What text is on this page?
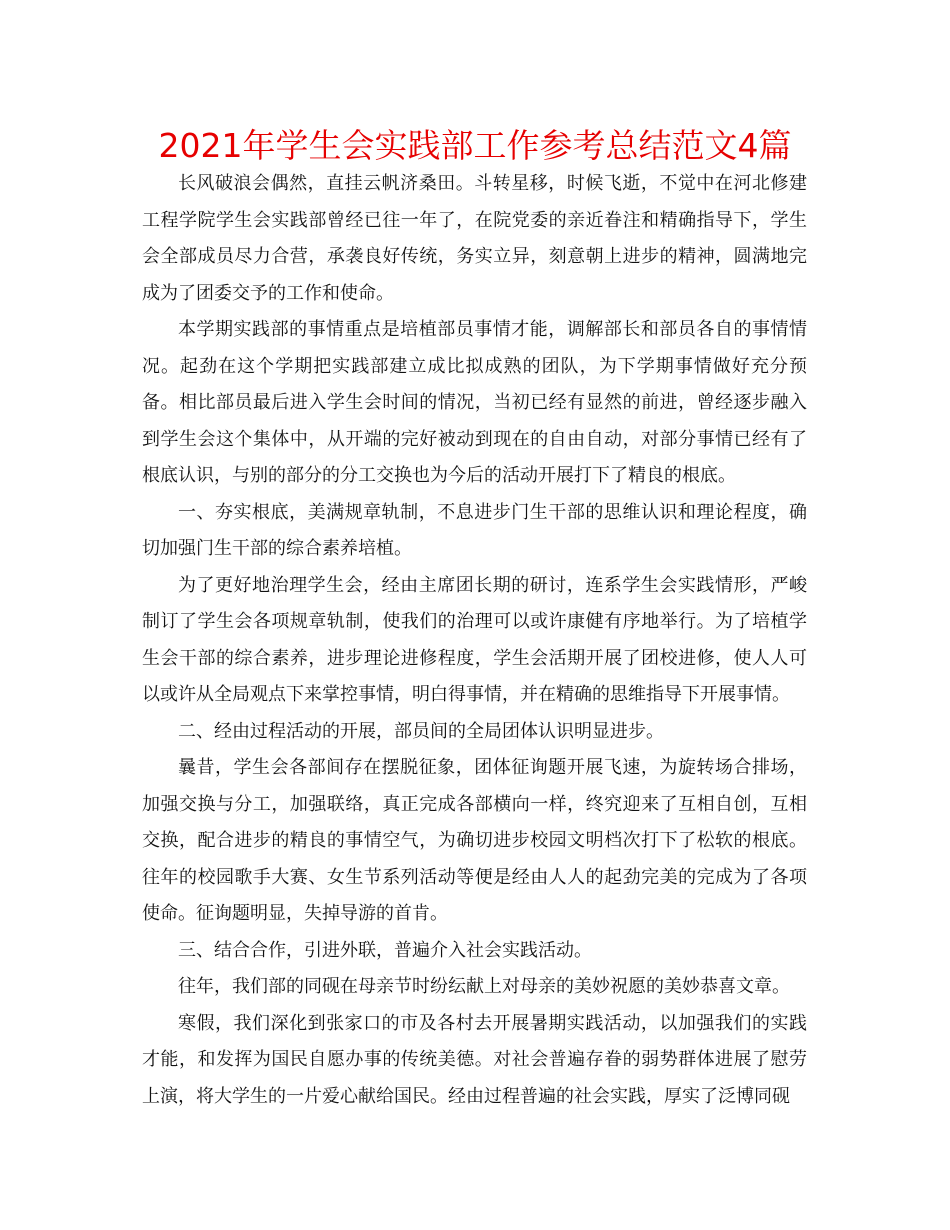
2021年学生会实践部工作参考总结范文4篇

长风破浪会偶然，直挂云帆济桑田。斗转星移，时候飞逝，不觉中在河北修建工程学院学生会实践部曾经已往一年了，在院党委的亲近眷注和精确指导下，学生会全部成员尽力合营，承袭良好传统，务实立异，刻意朝上进步的精神，圆满地完成为了团委交予的工作和使命。

本学期实践部的事情重点是培植部员事情才能，调解部长和部员各自的事情情况。起劲在这个学期把实践部建立成比拟成熟的团队，为下学期事情做好充分预备。相比部员最后进入学生会时间的情况，当初已经有显然的前进，曾经逐步融入到学生会这个集体中，从开端的完好被动到现在的自由自动，对部分事情已经有了根底认识，与别的部分的分工交换也为今后的活动开展打下了精良的根底。

一、夯实根底，美满规章轨制，不息进步门生干部的思维认识和理论程度，确切加强门生干部的综合素养培植。

为了更好地治理学生会，经由主席团长期的研讨，连系学生会实践情形，严峻制订了学生会各项规章轨制，使我们的治理可以或许康健有序地举行。为了培植学生会干部的综合素养，进步理论进修程度，学生会活期开展了团校进修，使人人可以或许从全局观点下来掌控事情，明白得事情，并在精确的思维指导下开展事情。

二、经由过程活动的开展，部员间的全局团体认识明显进步。

曩昔，学生会各部间存在摆脱征象，团体征询题开展飞速，为旋转场合排场，加强交换与分工，加强联络，真正完成各部横向一样，终究迎来了互相自创，互相交换，配合进步的精良的事情空气，为确切进步校园文明档次打下了松软的根底。往年的校园歌手大赛、女生节系列活动等便是经由人人的起劲完美的完成为了各项使命。征询题明显，失掉导游的首肯。

三、结合合作，引进外联，普遍介入社会实践活动。

往年，我们部的同砚在母亲节时纷纭献上对母亲的美妙祝愿的美妙恭喜文章。

寒假，我们深化到张家口的市及各村去开展暑期实践活动，以加强我们的实践才能，和发挥为国民自愿办事的传统美德。对社会普遍存眷的弱势群体进展了慰劳上演，将大学生的一片爱心献给国民。经由过程普遍的社会实践，厚实了泛博同砚
